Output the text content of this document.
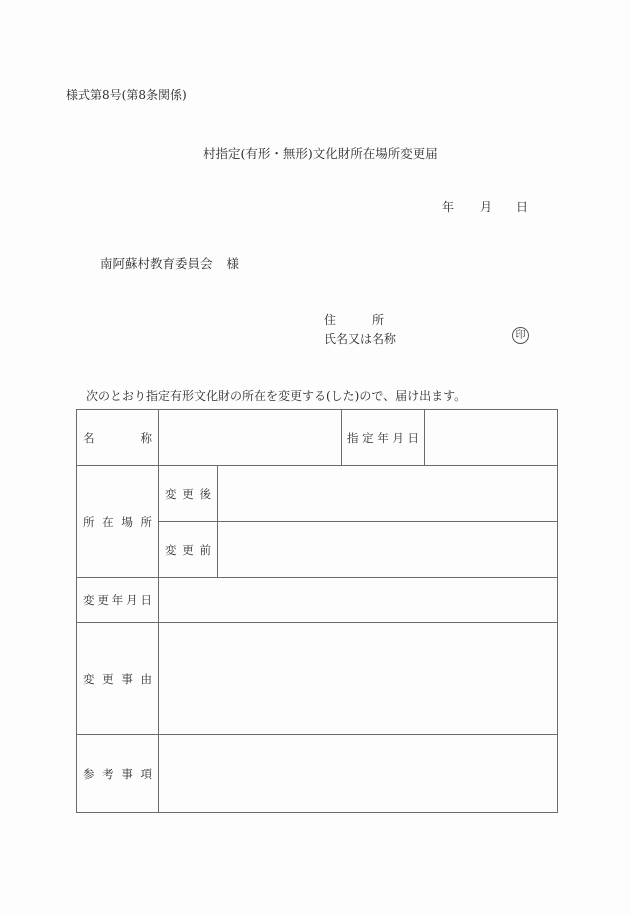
様式第8号(第8条関係)
村指定(有形・無形)文化財所在場所変更届
年 月 日
南阿蘇村教育委員会 様
住	所
氏名又は名称	印
次のとおり指定有形文化財の所在を変更する(した)ので、届け出ます。
名 称			指 定 年 月 日	

所 在 場 所	変 更 後			

	変 更 前			

変 更 年 月 日				

変 更 事 由				

参 考 事 項				
